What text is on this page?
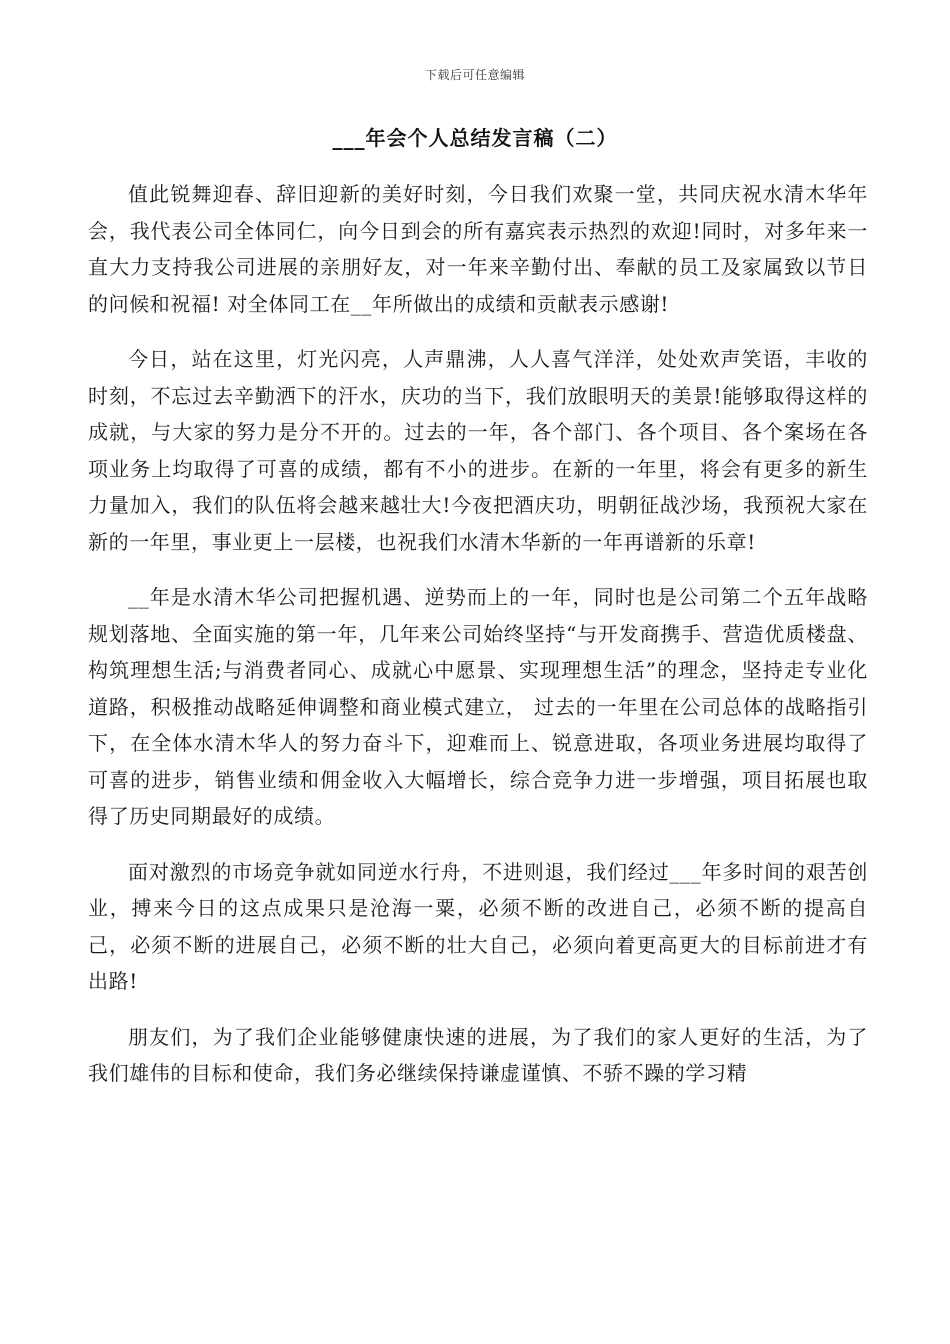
下载后可任意编辑
___年会个人总结发言稿（二）

值此锐舞迎春、辞旧迎新的美好时刻，今日我们欢聚一堂，共同庆祝水清木华年会，我代表公司全体同仁，向今日到会的所有嘉宾表示热烈的欢迎!同时，对多年来一直大力支持我公司进展的亲朋好友，对一年来辛勤付出、奉献的员工及家属致以节日的问候和祝福! 对全体同工在__年所做出的成绩和贡献表示感谢!

今日，站在这里，灯光闪亮，人声鼎沸，人人喜气洋洋，处处欢声笑语，丰收的时刻，不忘过去辛勤洒下的汗水，庆功的当下，我们放眼明天的美景!能够取得这样的成就，与大家的努力是分不开的。过去的一年，各个部门、各个项目、各个案场在各项业务上均取得了可喜的成绩，都有不小的进步。在新的一年里，将会有更多的新生力量加入，我们的队伍将会越来越壮大!今夜把酒庆功，明朝征战沙场，我预祝大家在新的一年里，事业更上一层楼，也祝我们水清木华新的一年再谱新的乐章!

__年是水清木华公司把握机遇、逆势而上的一年，同时也是公司第二个五年战略规划落地、全面实施的第一年，几年来公司始终坚持“与开发商携手、营造优质楼盘、构筑理想生活;与消费者同心、成就心中愿景、实现理想生活”的理念，坚持走专业化道路，积极推动战略延伸调整和商业模式建立， 过去的一年里在公司总体的战略指引下，在全体水清木华人的努力奋斗下，迎难而上、锐意进取，各项业务进展均取得了可喜的进步，销售业绩和佣金收入大幅增长，综合竞争力进一步增强，项目拓展也取得了历史同期最好的成绩。

面对激烈的市场竞争就如同逆水行舟，不进则退，我们经过___年多时间的艰苦创业，搏来今日的这点成果只是沧海一粟，必须不断的改进自己，必须不断的提高自己，必须不断的进展自己，必须不断的壮大自己，必须向着更高更大的目标前进才有出路!

朋友们，为了我们企业能够健康快速的进展，为了我们的家人更好的生活，为了我们雄伟的目标和使命，我们务必继续保持谦虚谨慎、不骄不躁的学习精
